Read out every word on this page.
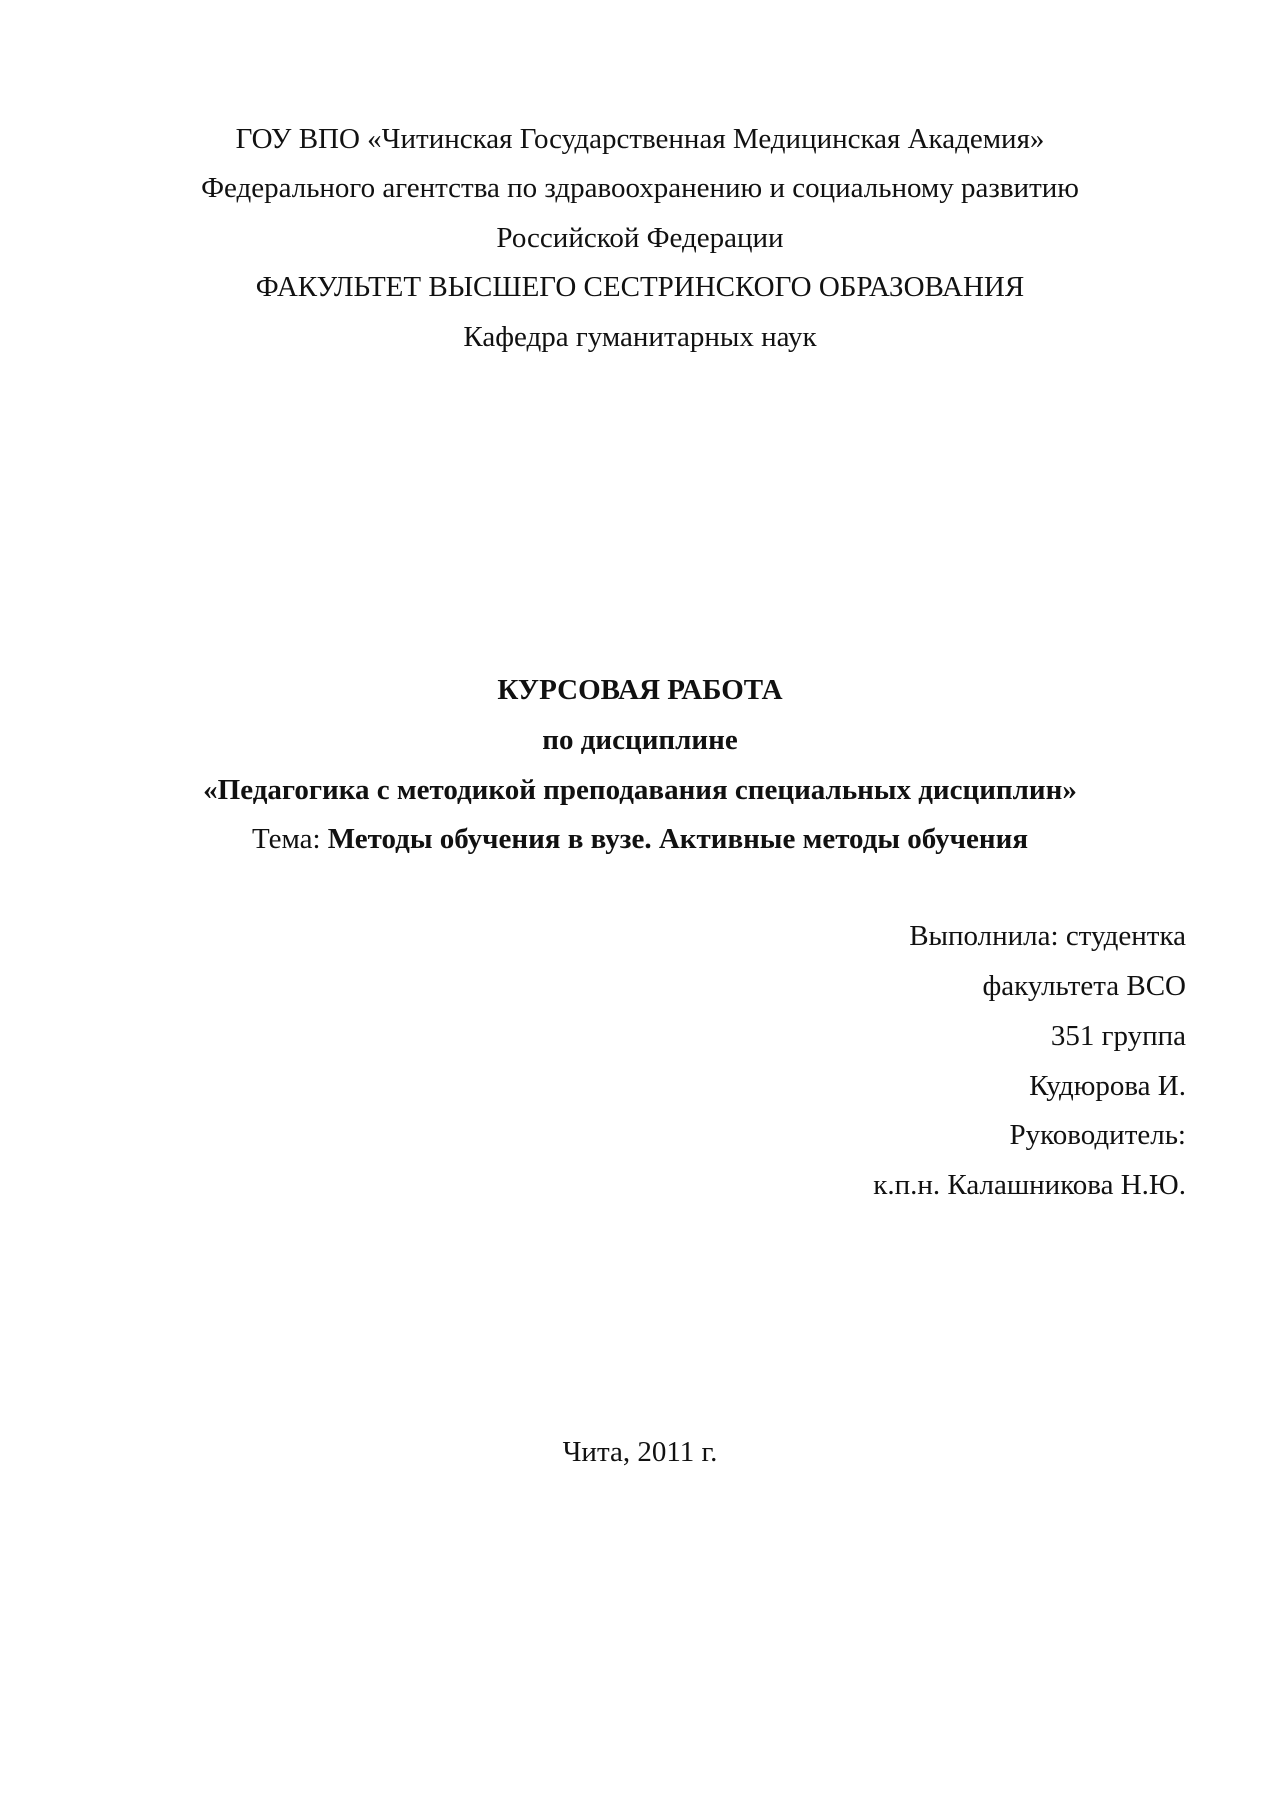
ГОУ ВПО «Читинская Государственная Медицинская Академия»
Федерального агентства по здравоохранению и социальному развитию
Российской Федерации
ФАКУЛЬТЕТ ВЫСШЕГО СЕСТРИНСКОГО ОБРАЗОВАНИЯ
Кафедра гуманитарных наук
КУРСОВАЯ РАБОТА
по дисциплине
«Педагогика с методикой преподавания специальных дисциплин»
Тема: Методы обучения в вузе. Активные методы обучения
Выполнила: студентка
факультета ВСО
351 группа
Кудюрова И.
Руководитель:
к.п.н. Калашникова Н.Ю.
Чита, 2011 г.
